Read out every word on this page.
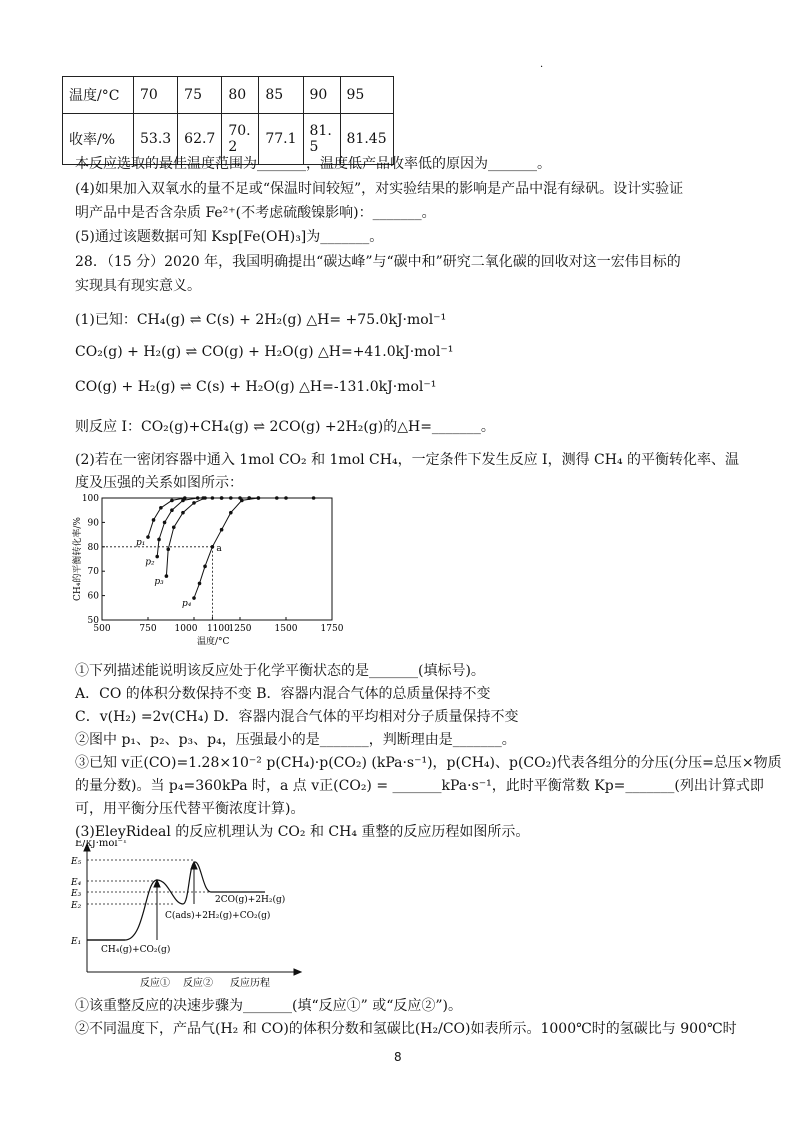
·
温度/°C	70	75	80	85	90	95
收率/%	53.3	62.7	70.2	77.1	81.5	81.45
本反应选取的最佳温度范围为_______，温度低产品收率低的原因为_______。
(4)如果加入双氧水的量不足或“保温时间较短”，对实验结果的影响是产品中混有绿矾。设计实验证
明产品中是否含杂质 Fe²⁺(不考虑硫酸镍影响)：_______。
(5)通过该题数据可知 Ksp[Fe(OH)₃]为_______。
28．（15 分）2020 年，我国明确提出“碳达峰”与“碳中和”研究二氧化碳的回收对这一宏伟目标的
实现具有现实意义。
(1)已知：CH₄(g) ⇌ C(s) + 2H₂(g) △H= +75.0kJ·mol⁻¹
CO₂(g) + H₂(g) ⇌ CO(g) + H₂O(g) △H=+41.0kJ·mol⁻¹
CO(g) + H₂(g) ⇌ C(s) + H₂O(g) △H=-131.0kJ·mol⁻¹
则反应 I：CO₂(g)+CH₄(g) ⇌ 2CO(g) +2H₂(g)的△H=_______。
(2)若在一密闭容器中通入 1mol CO₂ 和 1mol CH₄，一定条件下发生反应 I，测得 CH₄ 的平衡转化率、温
度及压强的关系如图所示：
500	750 1000 1100
1250	1500	1750
50
60
70
80
90
100
温度/°C
CH₄的平衡转化率/%	p₁
p₂
p₃
p₄
a
①下列描述能说明该反应处于化学平衡状态的是_______(填标号)。
A．CO 的体积分数保持不变 B．容器内混合气体的总质量保持不变
C．v(H₂) =2v(CH₄) D．容器内混合气体的平均相对分子质量保持不变
②图中 p₁、p₂、p₃、p₄，压强最小的是_______，判断理由是_______。
③已知 v正(CO)=1.28×10⁻² p(CH₄)·p(CO₂) (kPa·s⁻¹)，p(CH₄)、p(CO₂)代表各组分的分压(分压=总压×物质
的量分数)。当 p₄=360kPa 时，a 点 v正(CO₂) = _______kPa·s⁻¹，此时平衡常数 Kp=_______(列出计算式即
可，用平衡分压代替平衡浓度计算)。
(3)EleyRideal 的反应机理认为 CO₂ 和 CH₄ 重整的反应历程如图所示。
E/kJ·mol⁻¹
E₅
E₄
E₃
E₂
E₁
CH₄(g)+CO₂(g)
C(ads)+2H₂(g)+CO₂(g)
2CO(g)+2H₂(g)
反应① 反应② 反应历程
①该重整反应的决速步骤为_______(填“反应①” 或“反应②”)。
②不同温度下，产品气(H₂ 和 CO)的体积分数和氢碳比(H₂/CO)如表所示。1000℃时的氢碳比与 900℃时
8
